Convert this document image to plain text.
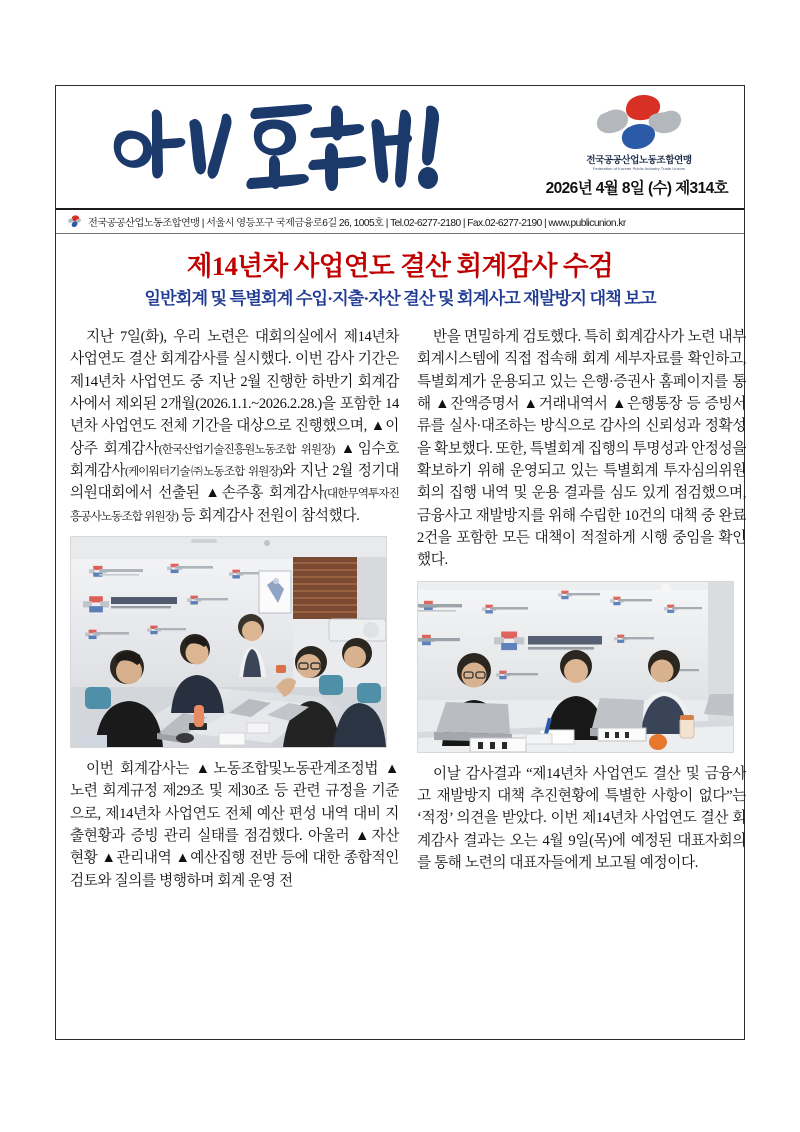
전국공공산업노동조합연맹
Federation of Korean Public Industry Trade Unions
2026년 4월 8일 (수) 제314호
전국공공산업노동조합연맹 | 서울시 영등포구 국제금융로6길 26, 1005호 | Tel.02-6277-2180 | Fax.02-6277-2190 | www.publicunion.kr
제14년차 사업연도 결산 회계감사 수검
일반회계 및 특별회계 수입·지출·자산 결산 및 회계사고 재발방지 대책 보고

지난 7일(화), 우리 노련은 대회의실에서 제14년차 사업연도 결산 회계감사를 실시했다. 이번 감사 기간은 제14년차 사업연도 중 지난 2월 진행한 하반기 회계감사에서 제외된 2개월(2026.1.1.~2026.2.28.)을 포함한 14년차 사업연도 전체 기간을 대상으로 진행했으며, ▲이상주 회계감사(한국산업기술진흥원노동조합 위원장) ▲임수호 회계감사(케이워터기술㈜노동조합 위원장)와 지난 2월 정기대의원대회에서 선출된 ▲손주홍 회계감사(대한무역투자진흥공사노동조합 위원장) 등 회계감사 전원이 참석했다.

이번 회계감사는 ▲노동조합및노동관계조정법 ▲노련 회계규정 제29조 및 제30조 등 관련 규정을 기준으로, 제14년차 사업연도 전체 예산 편성 내역 대비 지출현황과 증빙 관리 실태를 점검했다. 아울러 ▲자산 현황 ▲관리내역 ▲예산집행 전반 등에 대한 종합적인 검토와 질의를 병행하며 회계 운영 전

반을 면밀하게 검토했다. 특히 회계감사가 노련 내부 회계시스템에 직접 접속해 회계 세부자료를 확인하고, 특별회계가 운용되고 있는 은행·증권사 홈페이지를 통해 ▲잔액증명서 ▲거래내역서 ▲은행통장 등 증빙서류를 실사·대조하는 방식으로 감사의 신뢰성과 정확성을 확보했다. 또한, 특별회계 집행의 투명성과 안정성을 확보하기 위해 운영되고 있는 특별회계 투자심의위원회의 집행 내역 및 운용 결과를 심도 있게 점검했으며, 금융사고 재발방지를 위해 수립한 10건의 대책 중 완료 2건을 포함한 모든 대책이 적절하게 시행 중임을 확인했다.

이날 감사결과 “제14년차 사업연도 결산 및 금융사고 재발방지 대책 추진현황에 특별한 사항이 없다”는 ‘적정’ 의견을 받았다. 이번 제14년차 사업연도 결산 회계감사 결과는 오는 4월 9일(목)에 예정된 대표자회의를 통해 노련의 대표자들에게 보고될 예정이다.
